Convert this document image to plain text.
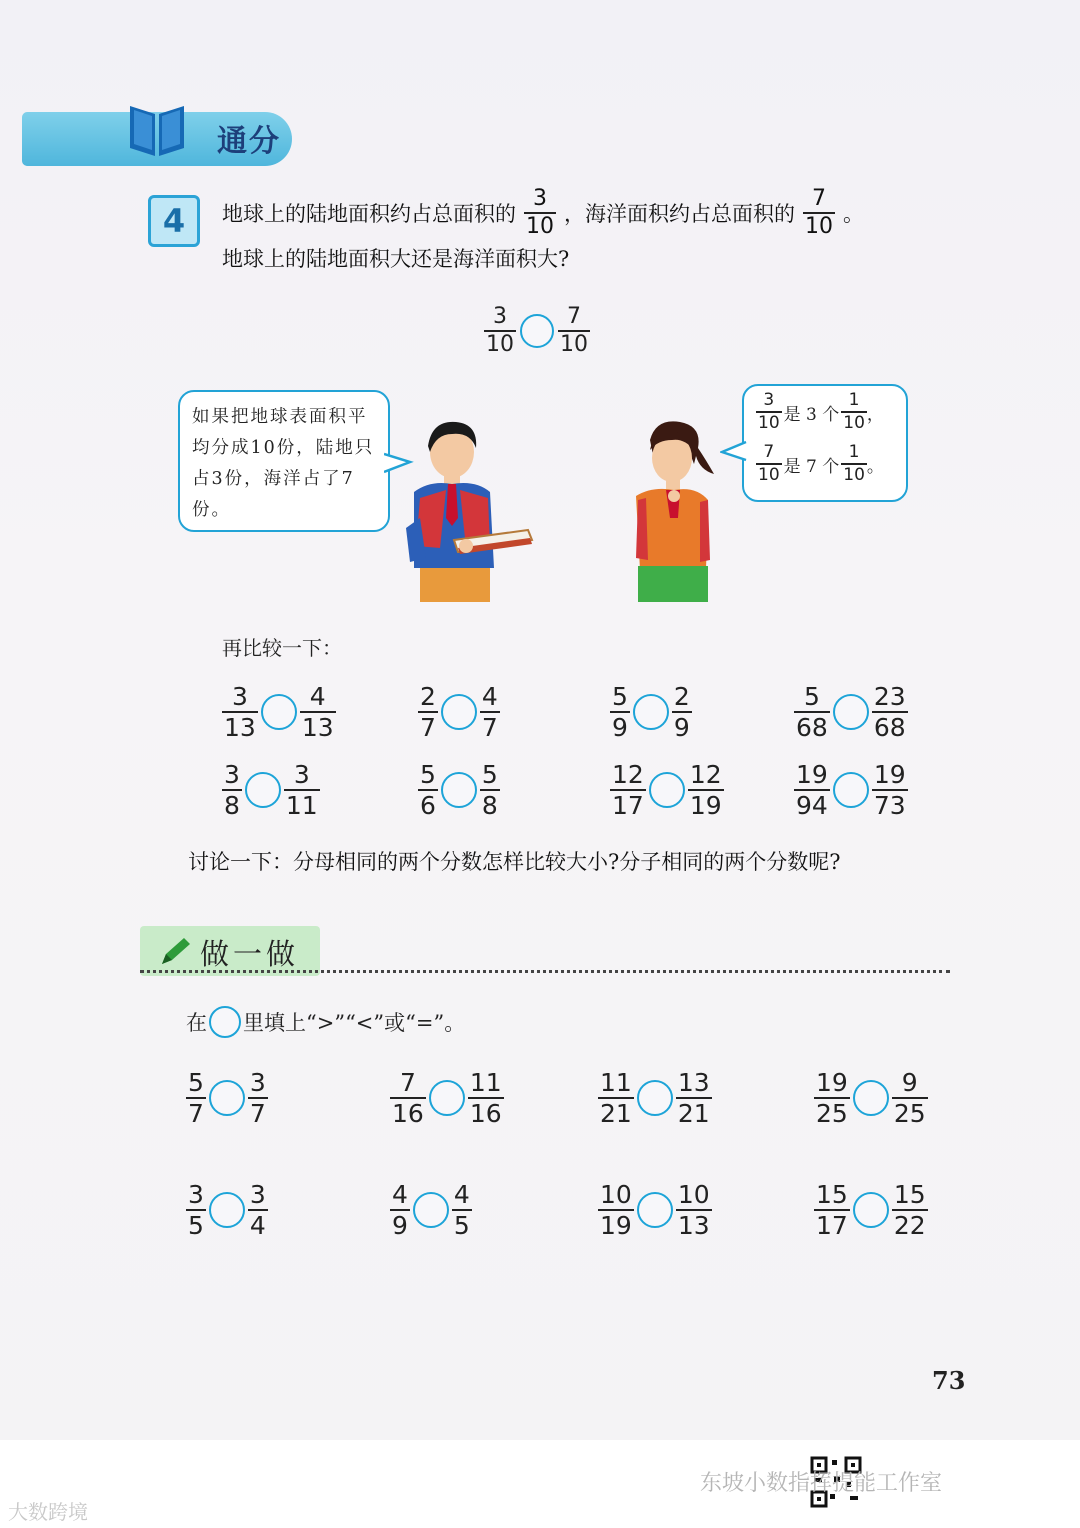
通分
4	地球上的陆地面积约占总面积的 $\frac{3}{10}$ ，海洋面积约占总面积的 $\frac{7}{10}$ 。
地球上的陆地面积大还是海洋面积大?
$\frac{3}{10} \frac{7}{10}$
如果把地球表面积平均分成10份，陆地只占3份，海洋占了7份。
$\frac{3}{10}$ 是 3 个 $\frac{1}{10}$ ，
$\frac{7}{10}$ 是 7 个 $\frac{1}{10}$ 。
再比较一下：
讨论一下：分母相同的两个分数怎样比较大小?分子相同的两个分数呢?
做一做
在 里填上“>”“<”或“=”。
73
大数跨境
东坡小数指挥提能工作室
$\frac{3}{13} \frac{4}{13}$	$\frac{2}{7} \frac{4}{7}$	$\frac{5}{9} \frac{2}{9}$	$\frac{5}{68} \frac{23}{68}$
$\frac{3}{8} \frac{3}{11}$	$\frac{5}{6} \frac{5}{8}$	$\frac{12}{17} \frac{12}{19}$	$\frac{19}{94} \frac{19}{73}$
$\frac{5}{7} \frac{3}{7}$	$\frac{7}{16} \frac{11}{16}$	$\frac{11}{21} \frac{13}{21}$	$\frac{19}{25} \frac{9}{25}$
$\frac{3}{5} \frac{3}{4}$	$\frac{4}{9} \frac{4}{5}$	$\frac{10}{19} \frac{10}{13}$	$\frac{15}{17} \frac{15}{22}$
